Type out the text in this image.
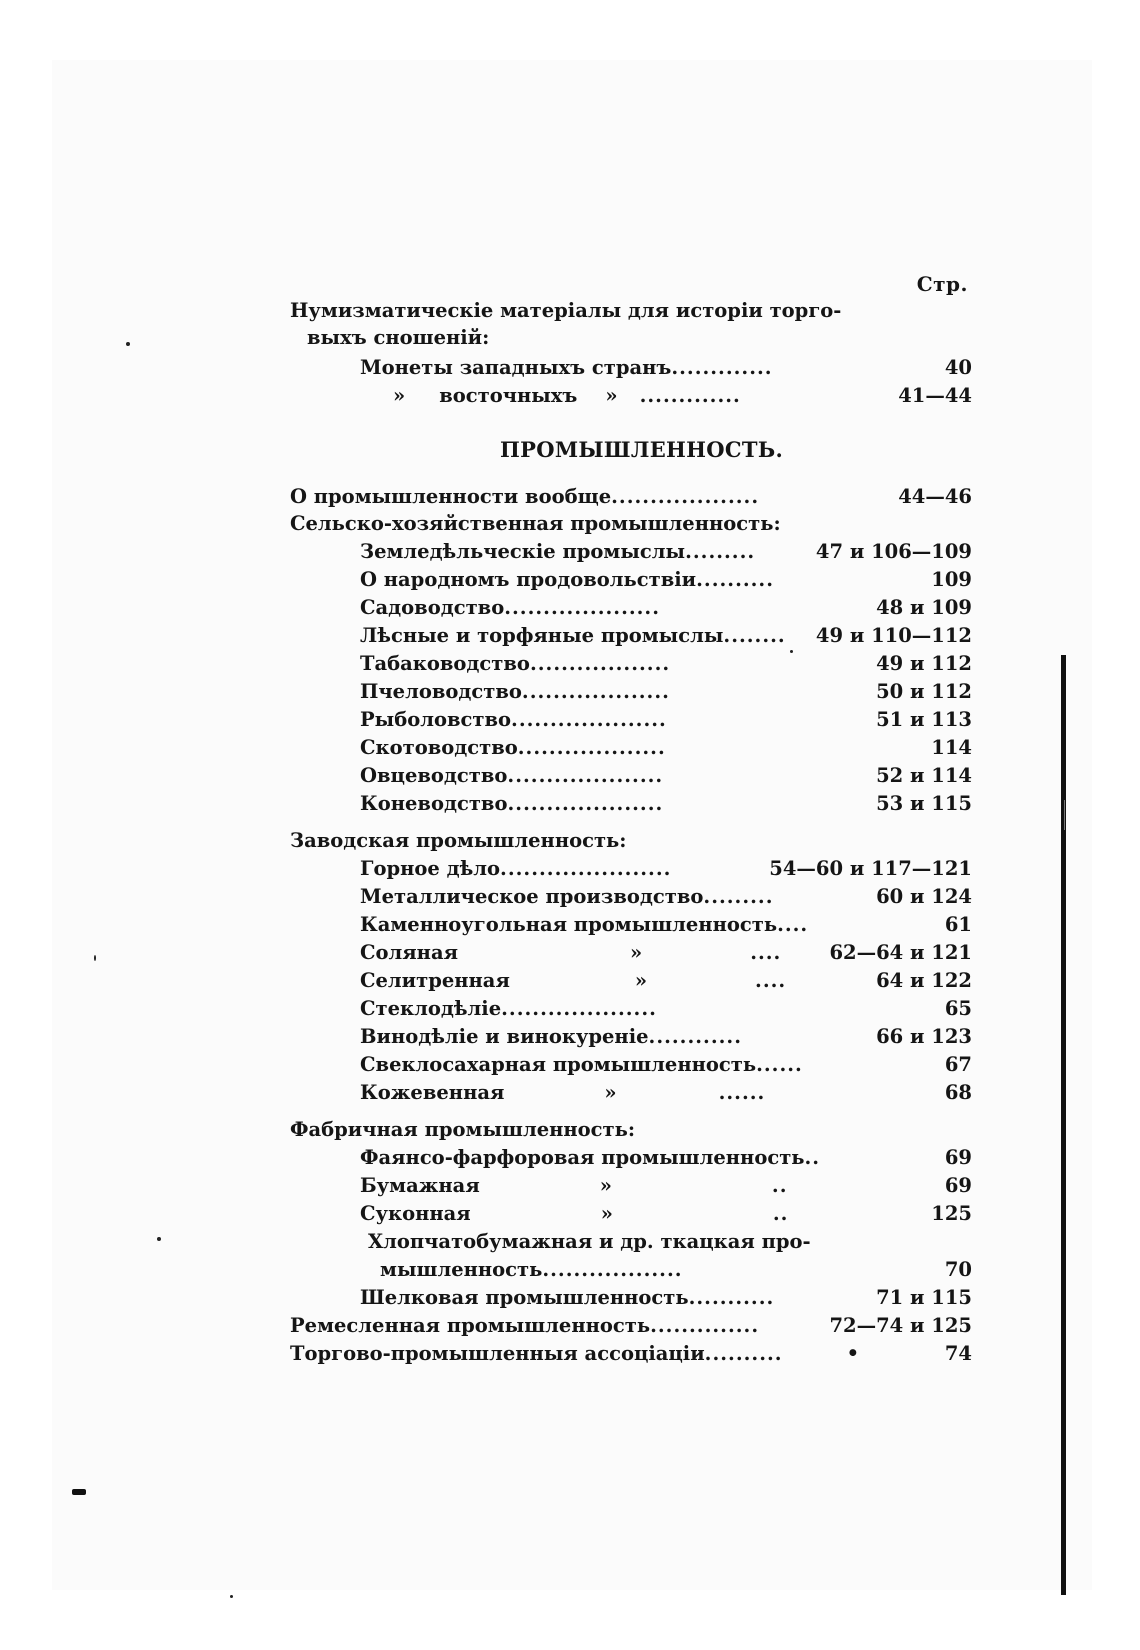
Стр.
Нумизматическіе матеріалы для исторіи торго-
выхъ сношеній:
Монеты западныхъ странъ.............	40
» восточныхъ » .............	41—44
ПРОМЫШЛЕННОСТЬ.
О промышленности вообще...................	44—46
Сельско-хозяйственная промышленность:
Земледѣльческіе промыслы.........	47 и 106—109
О народномъ продовольствіи..........	109
Садоводство....................	48 и 109
Лѣсные и торфяные промыслы........ 49 и 110—112
Табаководство..................	49 и 112
Пчеловодство...................	50 и 112
Рыболовство....................	51 и 113
Скотоводство...................	114
Овцеводство....................	52 и 114
Коневодство....................	53 и 115
Заводская промышленность:
Горное дѣло......................	54—60 и 117—121
Металлическое производство.........	60 и 124
Каменноугольная промышленность....	61
Соляная	»	.... 62—64 и 121
Селитренная	»	....	64 и 122
Стеклодѣліе....................	65
Винодѣліе и винокуреніе............	66 и 123
Свеклосахарная промышленность......	67
Кожевенная	»	......	68
Фабричная промышленность:
Фаянсо-фарфоровая промышленность..	69
Бумажная	»	..	69
Суконная	»	..	125
Хлопчатобумажная и др. ткацкая про-
мышленность..................	70
Шелковая промышленность...........	71 и 115
Ремесленная промышленность..............	72—74 и 125
Торгово-промышленныя ассоціаціи..........	•	74
